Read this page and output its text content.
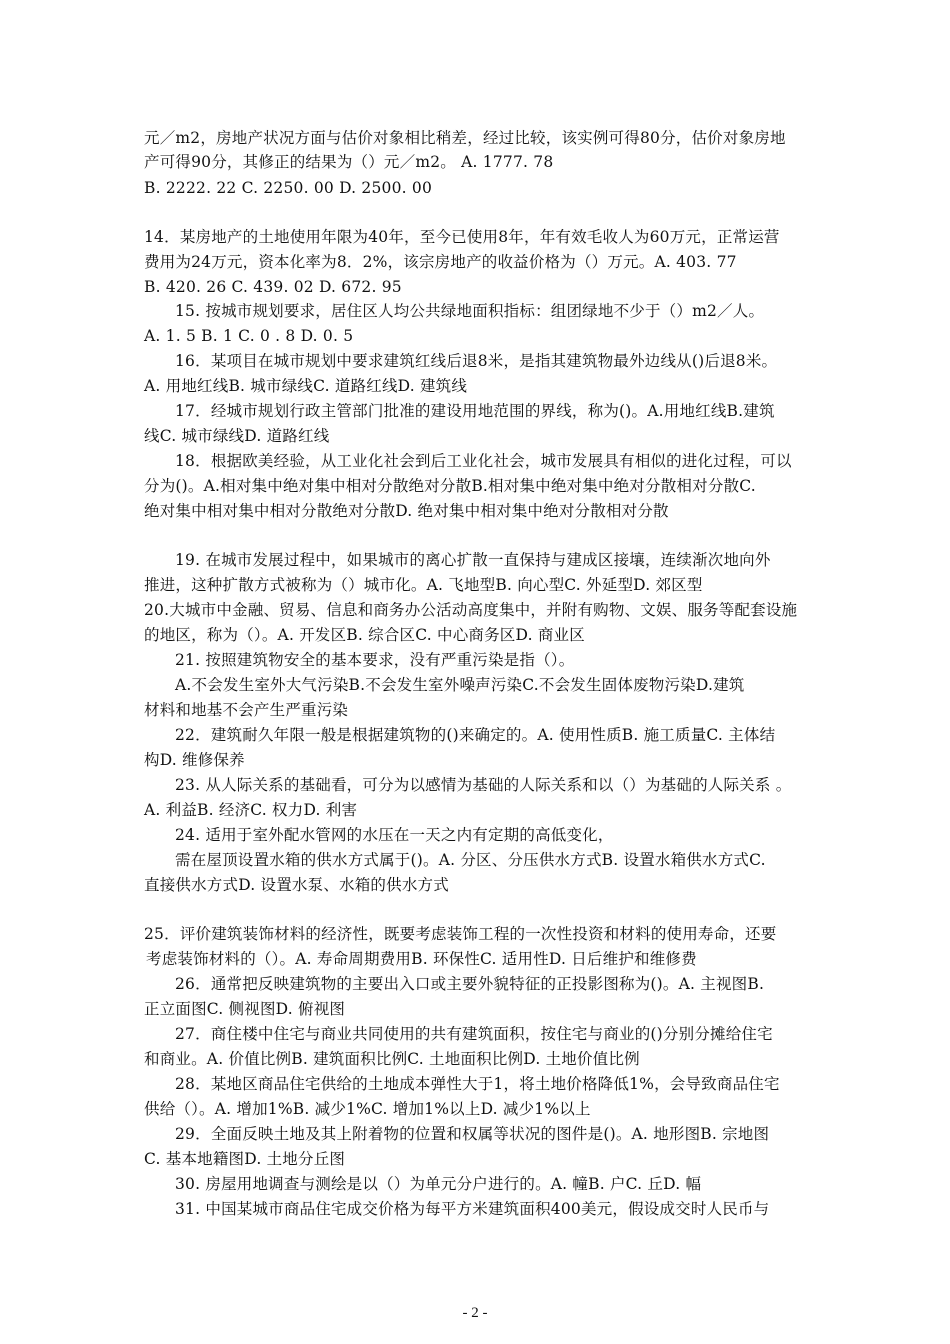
元／m2，房地产状况方面与估价对象相比稍差，经过比较，该实例可得80分，估价对象房地
产可得90分，其修正的结果为（）元／m2。 A. 1777. 78
B. 2222. 22 C. 2250. 00 D. 2500. 00
14．某房地产的土地使用年限为40年，至今已使用8年，年有效毛收人为60万元，正常运营
费用为24万元，资本化率为8．2%，该宗房地产的收益价格为（）万元。A. 403. 77
B. 420. 26 C. 439. 02 D. 672. 95
15. 按城市规划要求，居住区人均公共绿地面积指标：组团绿地不少于（）m2／人。
A. 1. 5 B. 1 C. 0 . 8 D. 0. 5
16．某项目在城市规划中要求建筑红线后退8米，是指其建筑物最外边线从()后退8米。
A. 用地红线B. 城市绿线C. 道路红线D. 建筑线
17．经城市规划行政主管部门批准的建设用地范围的界线，称为()。A.用地红线B.建筑
线C. 城市绿线D. 道路红线
18．根据欧美经验，从工业化社会到后工业化社会，城市发展具有相似的进化过程，可以
分为()。A.相对集中绝对集中相对分散绝对分散B.相对集中绝对集中绝对分散相对分散C.
绝对集中相对集中相对分散绝对分散D. 绝对集中相对集中绝对分散相对分散
19. 在城市发展过程中，如果城市的离心扩散一直保持与建成区接壤，连续渐次地向外
推进，这种扩散方式被称为（）城市化。A. 飞地型B. 向心型C. 外延型D. 郊区型
20.大城市中金融、贸易、信息和商务办公活动高度集中，并附有购物、文娱、服务等配套设施
的地区，称为（）。A. 开发区B. 综合区C. 中心商务区D. 商业区
21. 按照建筑物安全的基本要求，没有严重污染是指（）。
A.不会发生室外大气污染B.不会发生室外噪声污染C.不会发生固体废物污染D.建筑
材料和地基不会产生严重污染
22．建筑耐久年限一般是根据建筑物的()来确定的。A. 使用性质B. 施工质量C. 主体结
构D. 维修保养
23. 从人际关系的基础看，可分为以感情为基础的人际关系和以（）为基础的人际关系 。
A. 利益B. 经济C. 权力D. 利害
24. 适用于室外配水管网的水压在一天之内有定期的高低变化，
需在屋顶设置水箱的供水方式属于()。A. 分区、分压供水方式B. 设置水箱供水方式C.
直接供水方式D. 设置水泵、水箱的供水方式
25．评价建筑装饰材料的经济性，既要考虑装饰工程的一次性投资和材料的使用寿命，还要
考虑装饰材料的（）。A. 寿命周期费用B. 环保性C. 适用性D. 日后维护和维修费
26．通常把反映建筑物的主要出入口或主要外貌特征的正投影图称为()。A. 主视图B.
正立面图C. 侧视图D. 俯视图
27．商住楼中住宅与商业共同使用的共有建筑面积，按住宅与商业的()分别分摊给住宅
和商业。A. 价值比例B. 建筑面积比例C. 土地面积比例D. 土地价值比例
28．某地区商品住宅供给的土地成本弹性大于1，将土地价格降低1%，会导致商品住宅
供给（）。A. 增加1%B. 减少1%C. 增加1%以上D. 减少1%以上
29．全面反映土地及其上附着物的位置和权属等状况的图件是()。A. 地形图B. 宗地图
C. 基本地籍图D. 土地分丘图
30. 房屋用地调查与测绘是以（）为单元分户进行的。A. 幢B. 户C. 丘D. 幅
31. 中国某城市商品住宅成交价格为每平方米建筑面积400美元，假设成交时人民币与
- 2 -
